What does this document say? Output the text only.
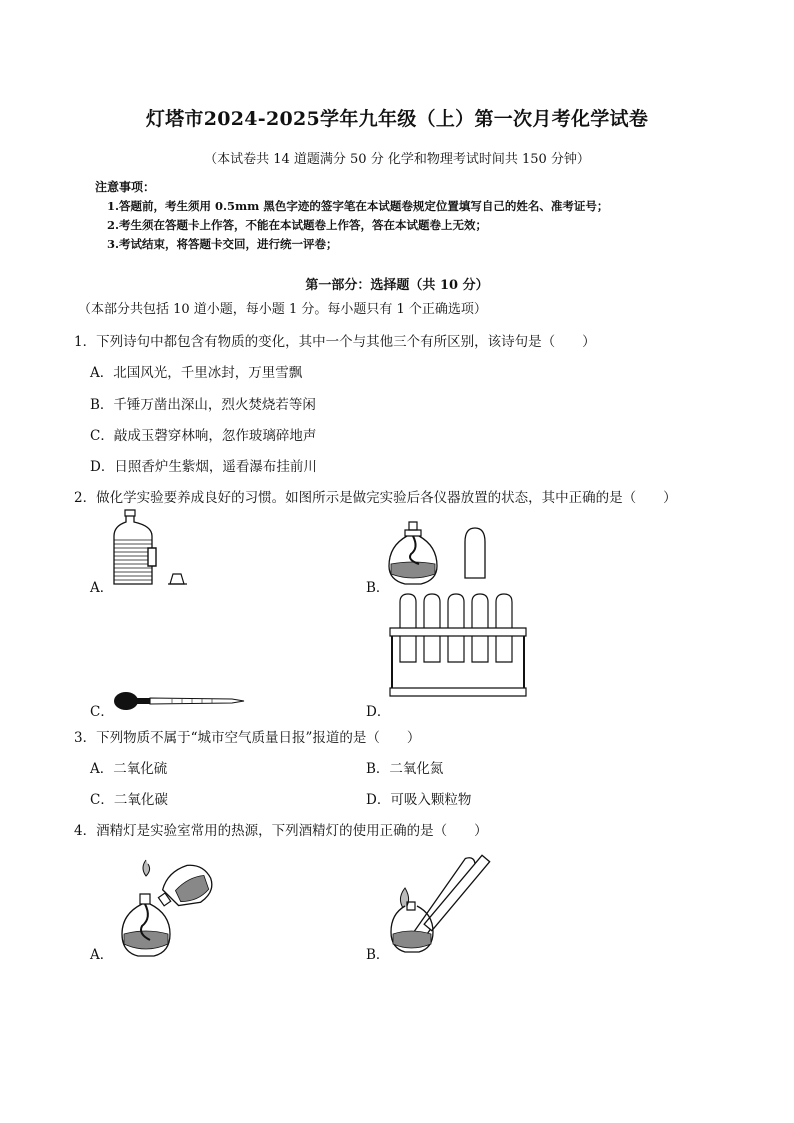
灯塔市2024-2025学年九年级（上）第一次月考化学试卷
（本试卷共 14 道题满分 50 分 化学和物理考试时间共 150 分钟）
注意事项：
1.答题前，考生须用 0.5mm 黑色字迹的签字笔在本试题卷规定位置填写自己的姓名、准考证号；
2.考生须在答题卡上作答，不能在本试题卷上作答，答在本试题卷上无效；
3.考试结束，将答题卡交回，进行统一评卷；
第一部分：选择题（共 10 分）
（本部分共包括 10 道小题，每小题 1 分。每小题只有 1 个正确选项）
1．下列诗句中都包含有物质的变化，其中一个与其他三个有所区别，该诗句是（　　）
A．北国风光，千里冰封，万里雪飘
B．千锤万凿出深山，烈火焚烧若等闲
C．敲成玉磬穿林响，忽作玻璃碎地声
D．日照香炉生紫烟，遥看瀑布挂前川
2．做化学实验要养成良好的习惯。如图所示是做完实验后各仪器放置的状态，其中正确的是（　　）
A．	B．
C．	D．
3．下列物质不属于“城市空气质量日报”报道的是（　　）
A．二氧化硫	B．二氧化氮
C．二氧化碳	D．可吸入颗粒物
4．酒精灯是实验室常用的热源，下列酒精灯的使用正确的是（　　）
A．	B．
